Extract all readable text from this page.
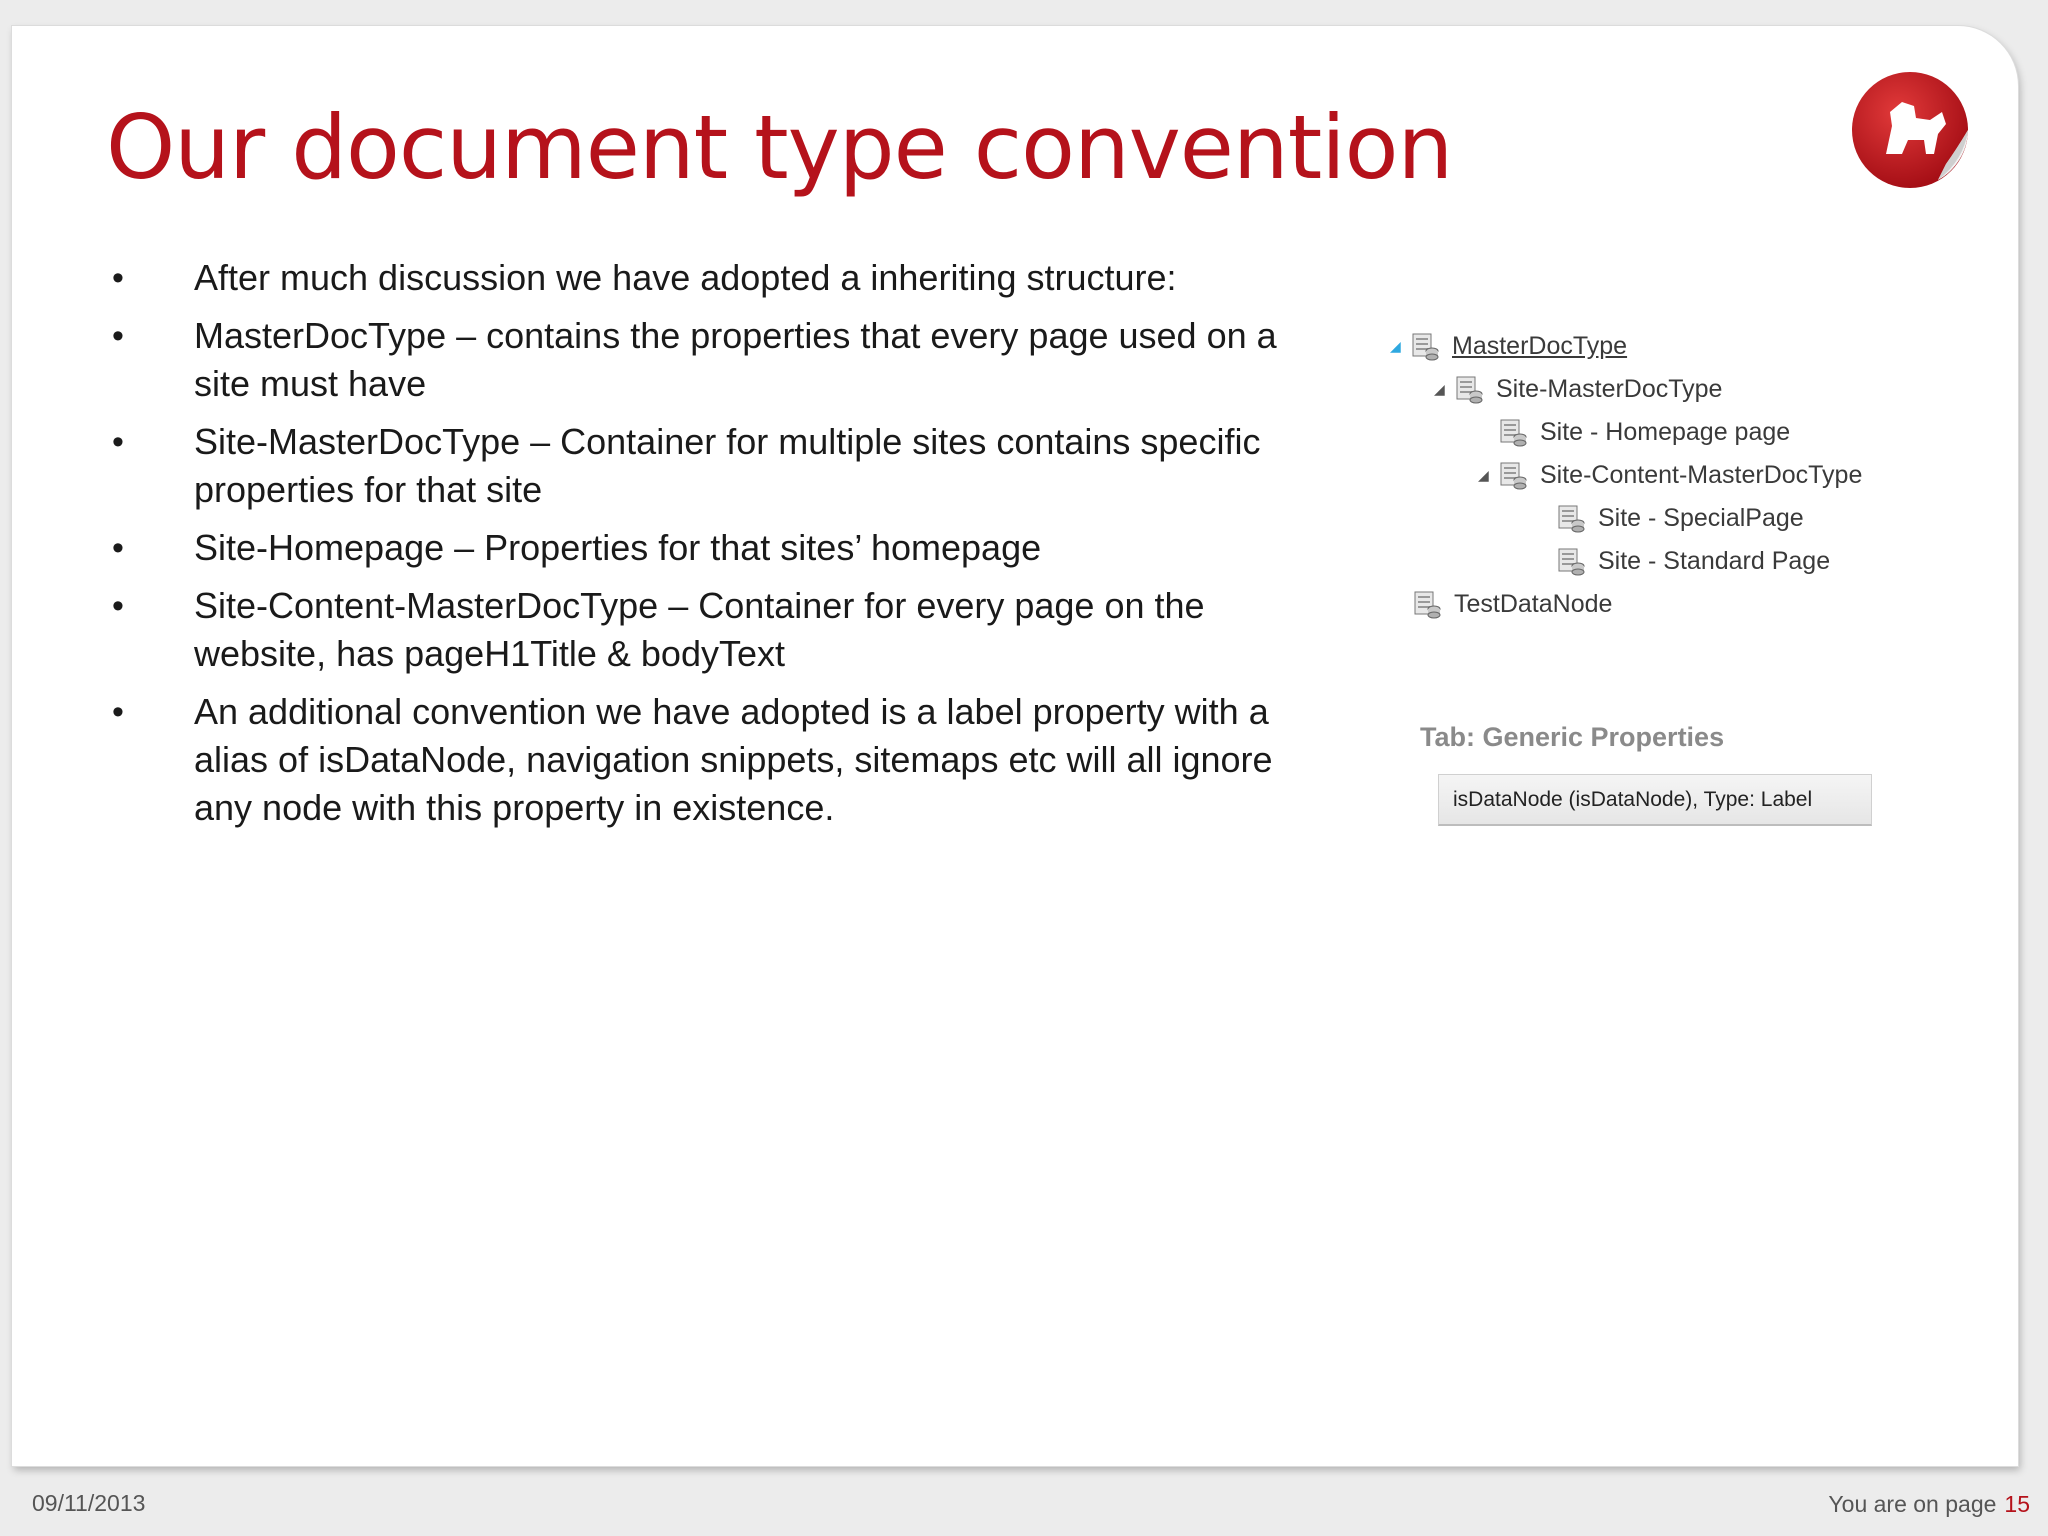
Our document type convention
• After much discussion we have adopted a inheriting structure:
• MasterDocType – contains the properties that every page used on a site must have
• Site-MasterDocType – Container for multiple sites contains specific properties for that site
• Site-Homepage – Properties for that sites’ homepage
• Site-Content-MasterDocType – Container for every page on the website, has pageH1Title & bodyText
• An additional convention we have adopted is a label property with a alias of isDataNode, navigation snippets, sitemaps etc will all ignore any node with this property in existence.
◢	MasterDocType
◢	Site-MasterDocType
Site - Homepage page
◢	Site-Content-MasterDocType
Site - SpecialPage
Site - Standard Page
TestDataNode
Tab: Generic Properties
isDataNode (isDataNode), Type: Label
09/11/2013	You are on page 15
